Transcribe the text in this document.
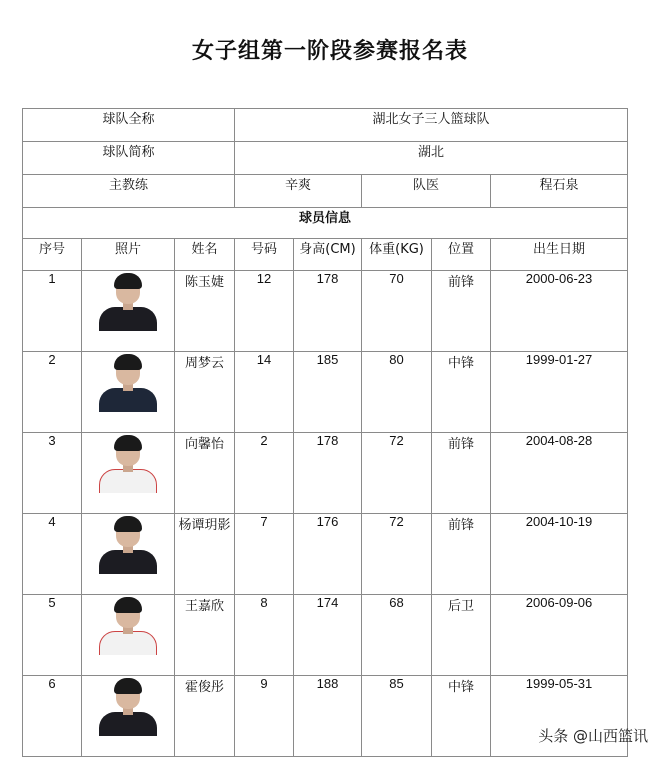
女子组第一阶段参赛报名表
球队全称			湖北女子三人篮球队				
球队简称			湖北				
主教练			辛爽		队医		程石泉
球员信息							
序号	照片	姓名	号码	身高(CM)	体重(KG)	位置	出生日期
1		陈玉婕	12	178	70	前锋	2000-06-23
2		周梦云	14	185	80	中锋	1999-01-27
3		向馨怡	2	178	72	前锋	2004-08-28
4		杨谭玥影	7	176	72	前锋	2004-10-19
5		王嘉欣	8	174	68	后卫	2006-09-06
6		霍俊彤	9	188	85	中锋	1999-05-31
头条 @山西篮讯
